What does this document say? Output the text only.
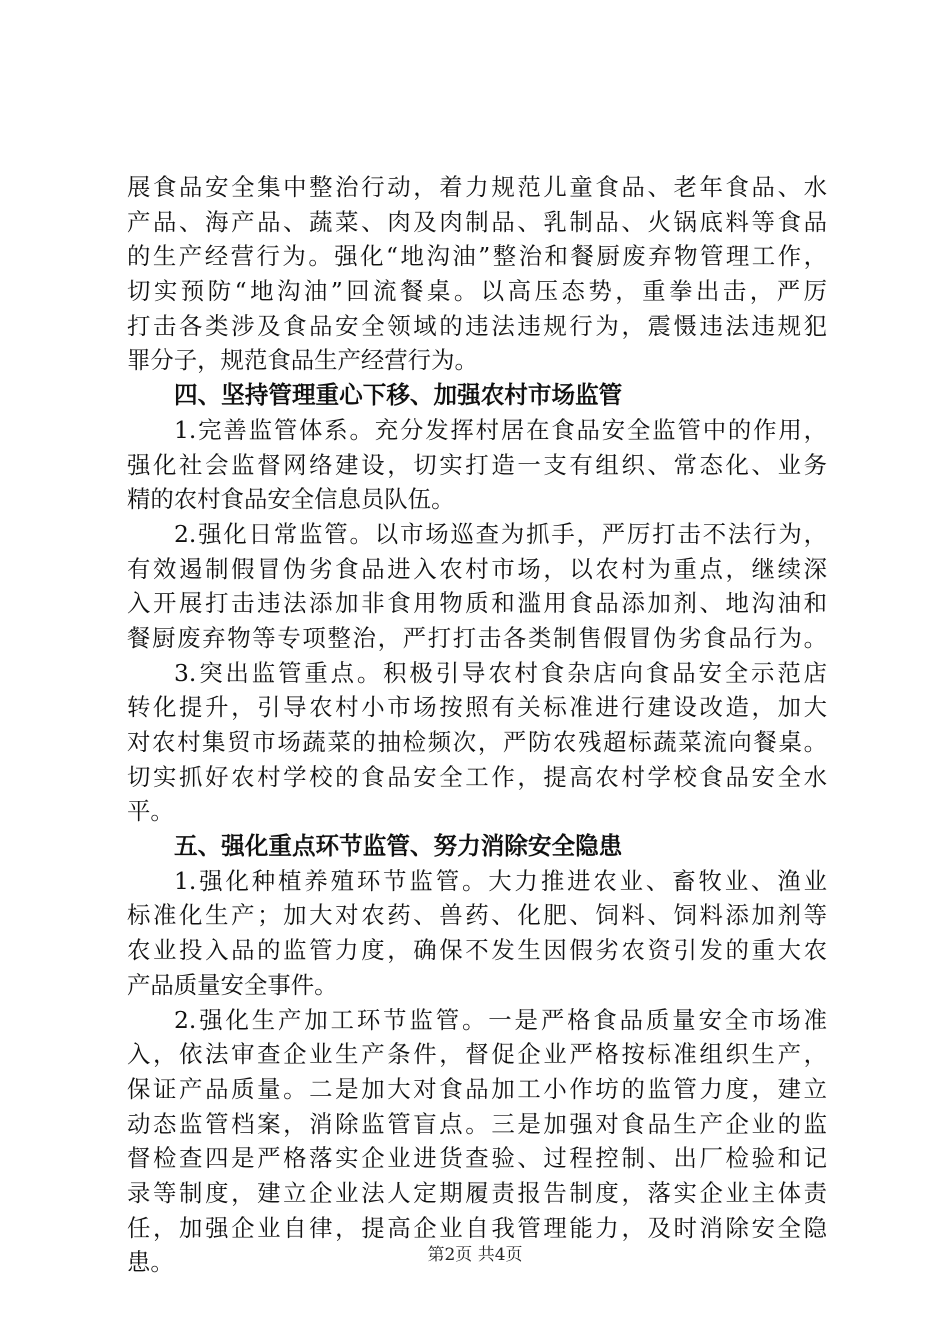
展食品安全集中整治行动，着力规范儿童食品、老年食品、水
产品、海产品、蔬菜、肉及肉制品、乳制品、火锅底料等食品
的生产经营行为。强化“地沟油”整治和餐厨废弃物管理工作，
切实预防“地沟油”回流餐桌。以高压态势，重拳出击，严厉
打击各类涉及食品安全领域的违法违规行为，震慑违法违规犯
罪分子，规范食品生产经营行为。
四、坚持管理重心下移、加强农村市场监管
1.完善监管体系。充分发挥村居在食品安全监管中的作用，
强化社会监督网络建设，切实打造一支有组织、常态化、业务
精的农村食品安全信息员队伍。
2.强化日常监管。以市场巡查为抓手，严厉打击不法行为，
有效遏制假冒伪劣食品进入农村市场，以农村为重点，继续深
入开展打击违法添加非食用物质和滥用食品添加剂、地沟油和
餐厨废弃物等专项整治，严打打击各类制售假冒伪劣食品行为。
3.突出监管重点。积极引导农村食杂店向食品安全示范店
转化提升，引导农村小市场按照有关标准进行建设改造，加大
对农村集贸市场蔬菜的抽检频次，严防农残超标蔬菜流向餐桌。
切实抓好农村学校的食品安全工作，提高农村学校食品安全水
平。
五、强化重点环节监管、努力消除安全隐患
1.强化种植养殖环节监管。大力推进农业、畜牧业、渔业
标准化生产；加大对农药、兽药、化肥、饲料、饲料添加剂等
农业投入品的监管力度，确保不发生因假劣农资引发的重大农
产品质量安全事件。
2.强化生产加工环节监管。一是严格食品质量安全市场准
入，依法审查企业生产条件，督促企业严格按标准组织生产，
保证产品质量。二是加大对食品加工小作坊的监管力度，建立
动态监管档案，消除监管盲点。三是加强对食品生产企业的监
督检查四是严格落实企业进货查验、过程控制、出厂检验和记
录等制度，建立企业法人定期履责报告制度，落实企业主体责
任，加强企业自律，提高企业自我管理能力，及时消除安全隐
患。	第2页 共4页
